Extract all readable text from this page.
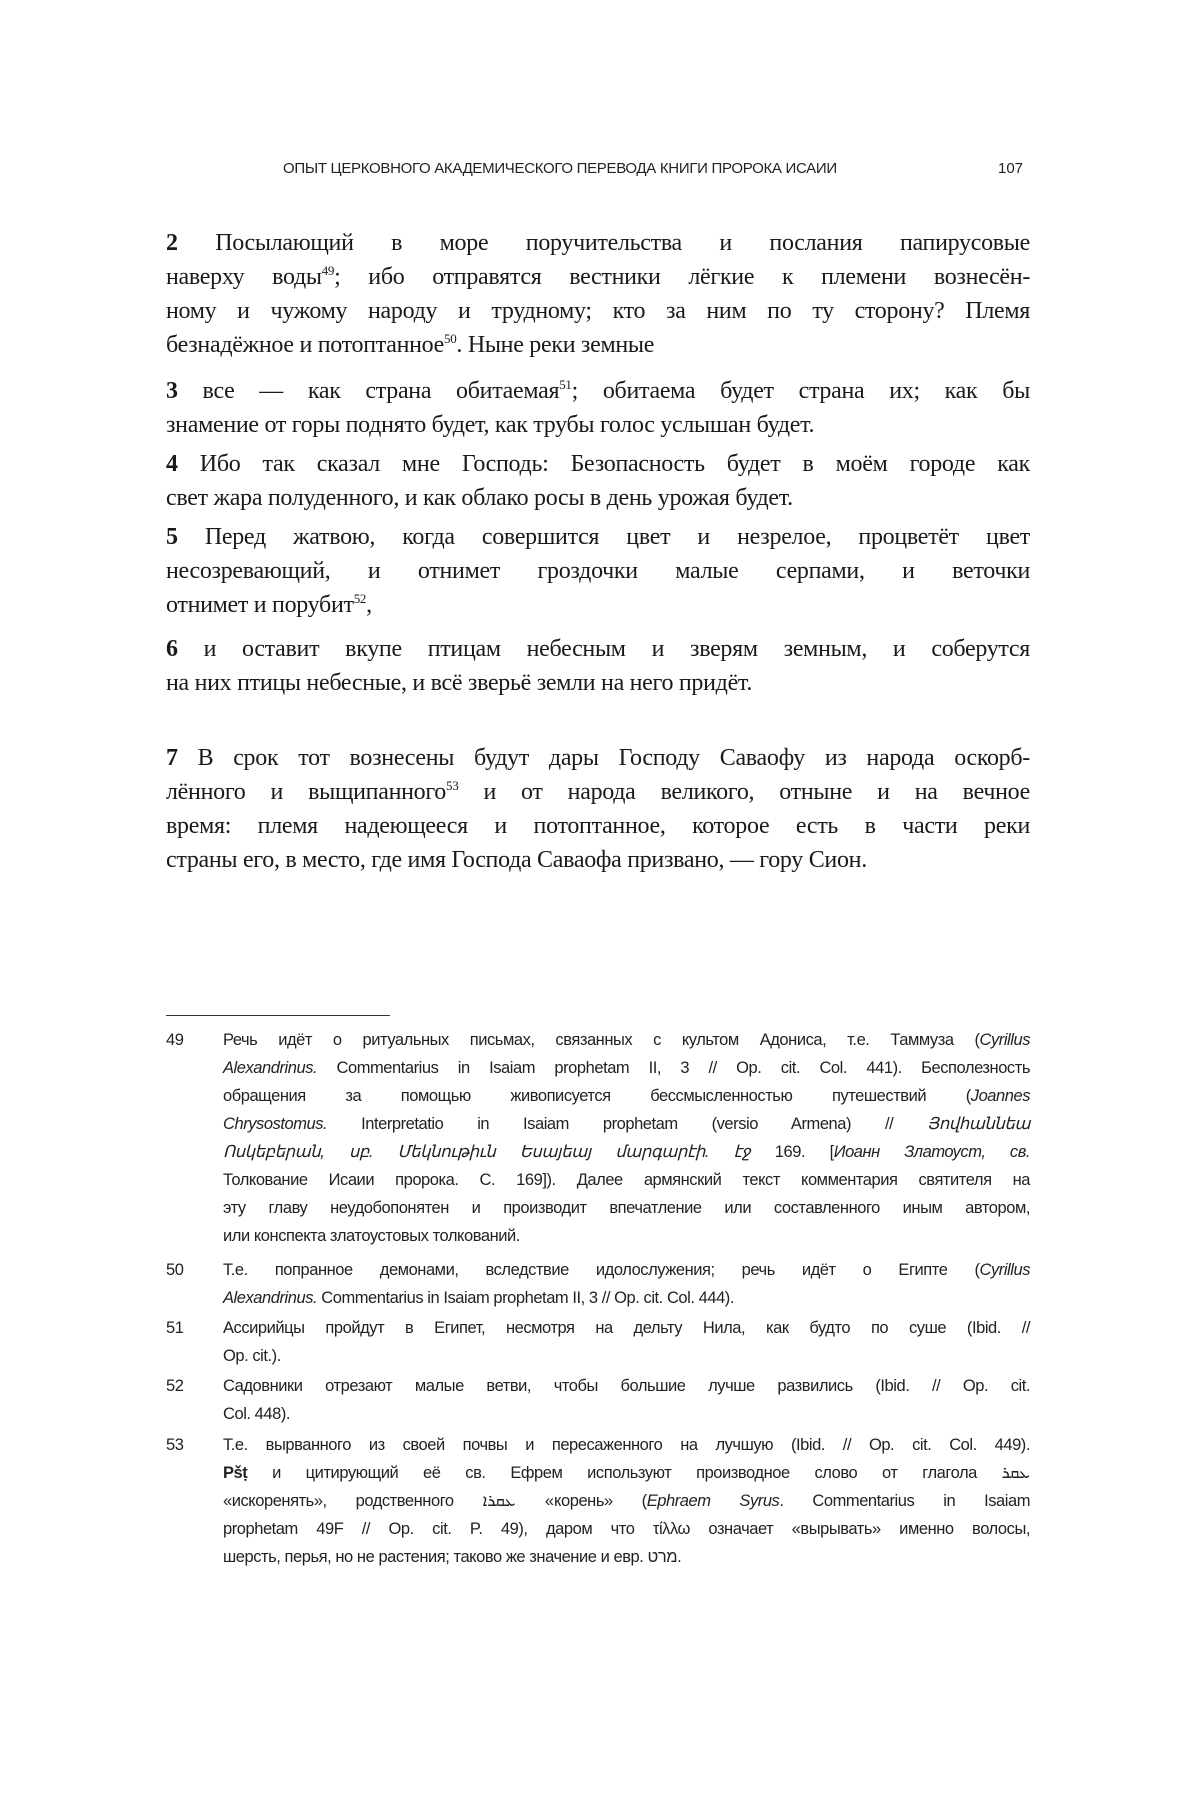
ОПЫТ ЦЕРКОВНОГО АКАДЕМИЧЕСКОГО ПЕРЕВОДА КНИГИ ПРОРОКА ИСАИИ	107
2 Посылающий в море поручительства и послания папирусовые
наверху воды$^{49}$; ибо отправятся вестники лёгкие к племени вознесён-
ному и чужому народу и трудному; кто за ним по ту сторону? Племя
безнадёжное и потоптанное$^{50}$. Ныне реки земные
3 все — как страна обитаемая$^{51}$; обитаема будет страна их; как бы
знамение от горы поднято будет, как трубы голос услышан будет.
4 Ибо так сказал мне Господь: Безопасность будет в моём городе как
свет жара полуденного, и как облако росы в день урожая будет.
5 Перед жатвою, когда совершится цвет и незрелое, процветёт цвет
несозревающий, и отнимет гроздочки малые серпами, и веточки
отнимет и порубит$^{52}$,
6 и оставит вкупе птицам небесным и зверям земным, и соберутся
на них птицы небесные, и всё зверьё земли на него придёт.
7 В срок тот вознесены будут дары Господу Саваофу из народа оскорб-
лённого и выщипанного$^{53}$ и от народа великого, отныне и на вечное
время: племя надеющееся и потоптанное, которое есть в части реки
страны его, в место, где имя Господа Саваофа призвано, — гору Сион.
49 Речь идёт о ритуальных письмах, связанных с культом Адониса, т.е. Таммуза (Cyrillus
Alexandrinus. Commentarius in Isaiam prophetam II, 3 // Op. cit. Col. 441). Бесполезность
обращения за помощью живописуется бессмысленностью путешествий (Joannes
Chrysostomus. Interpretatio in Isaiam prophetam (versio Armena) // Յովհաննեա
Ոսկեբերան, սբ. Մեկնութիւն Եսայեայ մարգարէի. էջ 169. [Иоанн Златоуст, св.
Толкование Исаии пророка. С. 169]). Далее армянский текст комментария святителя на
эту главу неудобопонятен и производит впечатление или составленного иным автором,
или конспекта златоустовых толкований.
50 Т.е. попранное демонами, вследствие идолослужения; речь идёт о Египте (Cyrillus
Alexandrinus. Commentarius in Isaiam prophetam II, 3 // Op. cit. Col. 444).
51 Ассирийцы пройдут в Египет, несмотря на дельту Нила, как будто по суше (Ibid. //
Op. cit.).
52 Садовники отрезают малые ветви, чтобы большие лучше развились (Ibid. // Op. cit.
Col. 448).
53 Т.е. вырванного из своей почвы и пересаженного на лучшую (Ibid. // Op. cit. Col. 449).
Pšṭ и цитирующий её св. Ефрем используют производное слово от глагола ܥܩܪ
«искоренять», родственного ܥܩܪܐ «корень» (Ephraem Syrus. Commentarius in Isaiam
prophetam 49F // Op. cit. P. 49), даром что τίλλω означает «вырывать» именно волосы,
шерсть, перья, но не растения; таково же значение и евр. מרט.
